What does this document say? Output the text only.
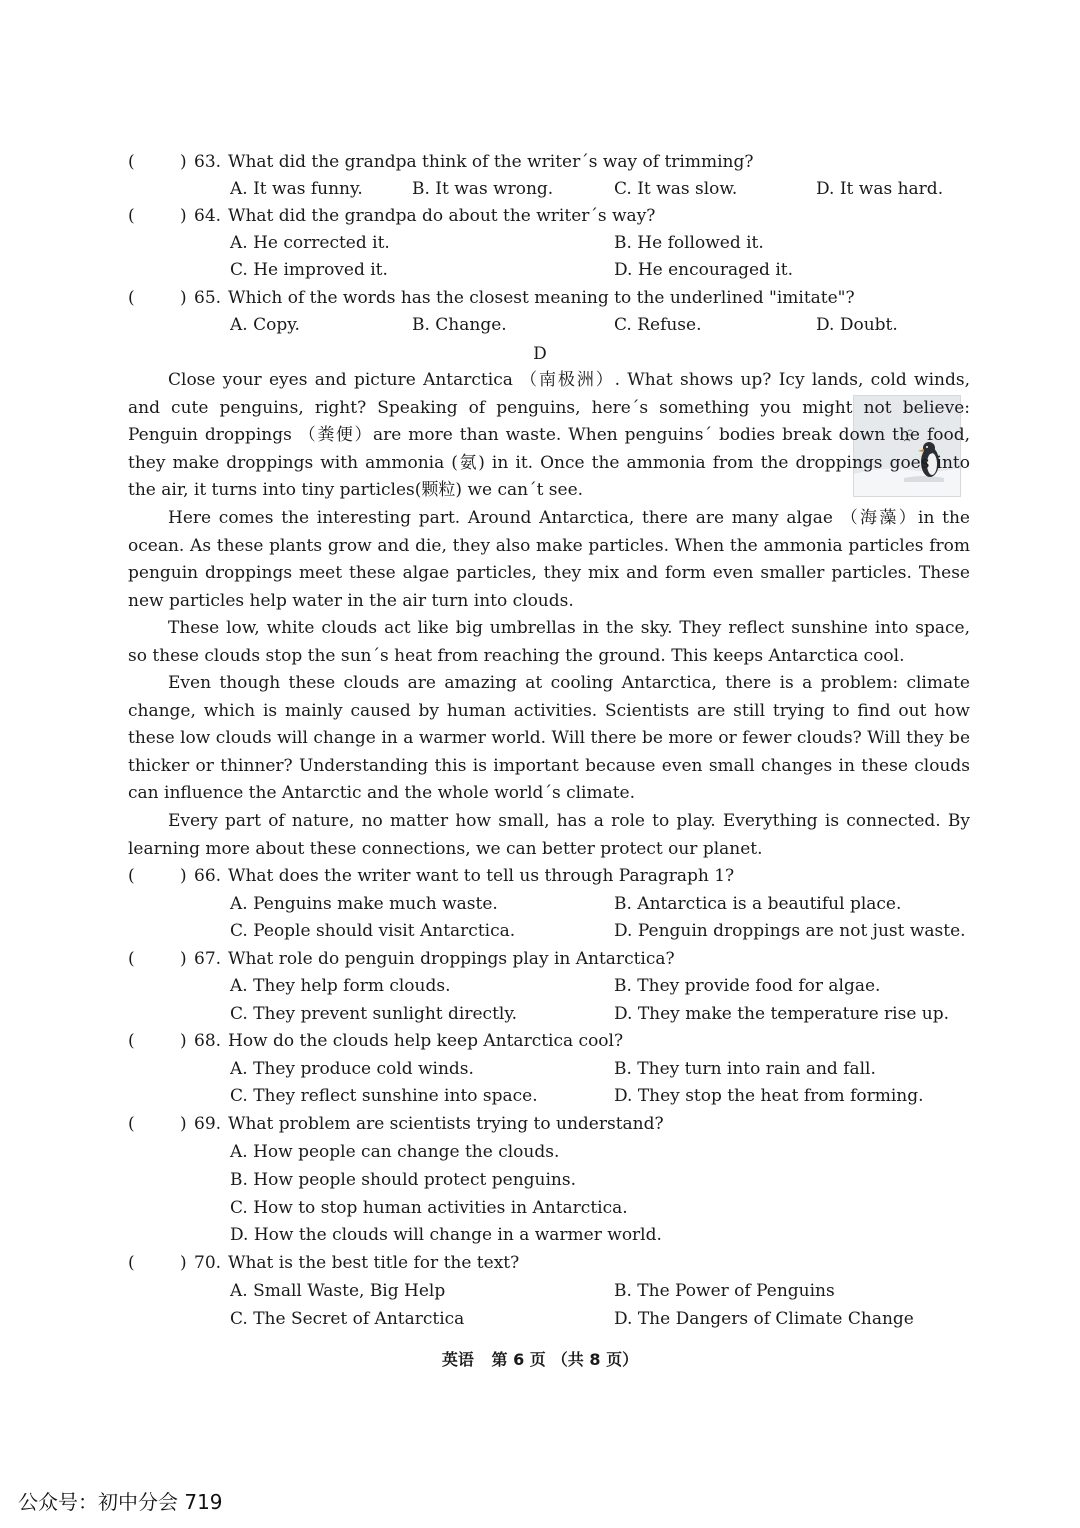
(	) 63. What did the grandpa think of the writer´s way of trimming?
A. It was funny.	B. It was wrong.	C. It was slow.	D. It was hard.
(	) 64. What did the grandpa do about the writer´s way?
A. He corrected it.	B. He followed it.
C. He improved it.	D. He encouraged it.
(	) 65. Which of the words has the closest meaning to the underlined "imitate"?
A. Copy.	B. Change.	C. Refuse.	D. Doubt.
D

Close your eyes and picture Antarctica （南极洲）. What shows up? Icy lands, cold winds, and cute penguins, right? Speaking of penguins, here´s something you might not believe: Penguin droppings （粪便）are more than waste. When penguins´ bodies break down the food, they make droppings with ammonia (氨) in it. Once the ammonia from the droppings goes into the air, it turns into tiny particles(颗粒) we can´t see.

Here comes the interesting part. Around Antarctica, there are many algae （海藻）in the ocean. As these plants grow and die, they also make particles. When the ammonia particles from penguin droppings meet these algae particles, they mix and form even smaller particles. These new particles help water in the air turn into clouds.

These low, white clouds act like big umbrellas in the sky. They reflect sunshine into space, so these clouds stop the sun´s heat from reaching the ground. This keeps Antarctica cool.

Even though these clouds are amazing at cooling Antarctica, there is a problem: climate change, which is mainly caused by human activities. Scientists are still trying to find out how these low clouds will change in a warmer world. Will there be more or fewer clouds? Will they be thicker or thinner? Understanding this is important because even small changes in these clouds can influence the Antarctic and the whole world´s climate.

Every part of nature, no matter how small, has a role to play. Everything is connected. By learning more about these connections, we can better protect our planet.

(	) 66. What does the writer want to tell us through Paragraph 1?
A. Penguins make much waste.	B. Antarctica is a beautiful place.
C. People should visit Antarctica.	D. Penguin droppings are not just waste.
(	) 67. What role do penguin droppings play in Antarctica?
A. They help form clouds.	B. They provide food for algae.
C. They prevent sunlight directly.	D. They make the temperature rise up.
(	) 68. How do the clouds help keep Antarctica cool?
A. They produce cold winds.	B. They turn into rain and fall.
C. They reflect sunshine into space.	D. They stop the heat from forming.
(	) 69. What problem are scientists trying to understand?
A. How people can change the clouds.
B. How people should protect penguins.
C. How to stop human activities in Antarctica.
D. How the clouds will change in a warmer world.
(	) 70. What is the best title for the text?
A. Small Waste, Big Help	B. The Power of Penguins
C. The Secret of Antarctica	D. The Dangers of Climate Change
英语 第 6 页 （共 8 页）
公众号：初中分会 719
